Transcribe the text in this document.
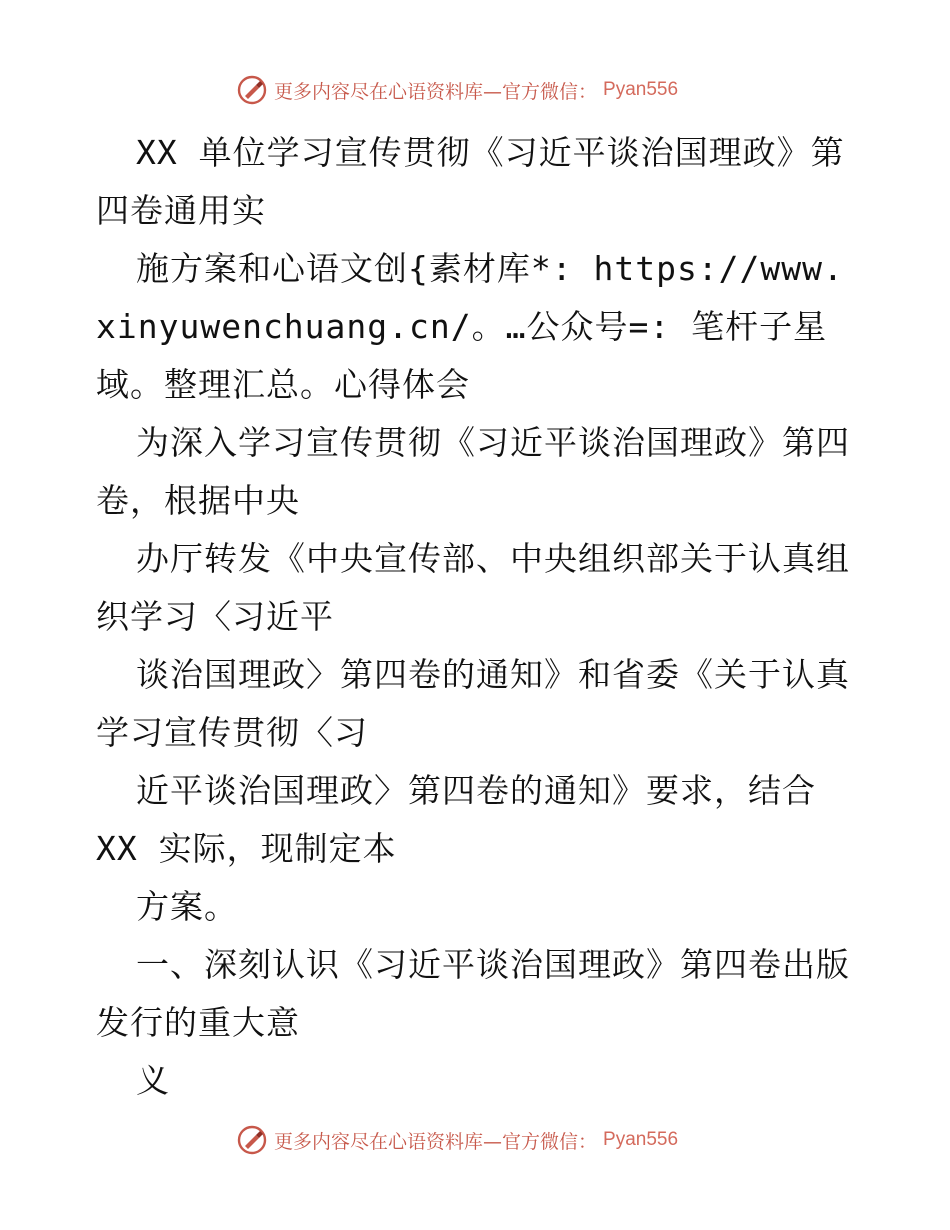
更多内容尽在心语资料库—官方微信： Pyan556

XX 单位学习宣传贯彻《习近平谈治国理政》第四卷通用实

施方案和心语文创{素材库*: https://www.xinyuwenchuang.cn/。…公众号=: 笔杆子星域。整理汇总。心得体会

为深入学习宣传贯彻《习近平谈治国理政》第四卷，根据中央

办厅转发《中央宣传部、中央组织部关于认真组织学习〈习近平

谈治国理政〉第四卷的通知》和省委《关于认真学习宣传贯彻〈习

近平谈治国理政〉第四卷的通知》要求，结合 XX 实际，现制定本

方案。

一、深刻认识《习近平谈治国理政》第四卷出版发行的重大意

义

更多内容尽在心语资料库—官方微信： Pyan556
